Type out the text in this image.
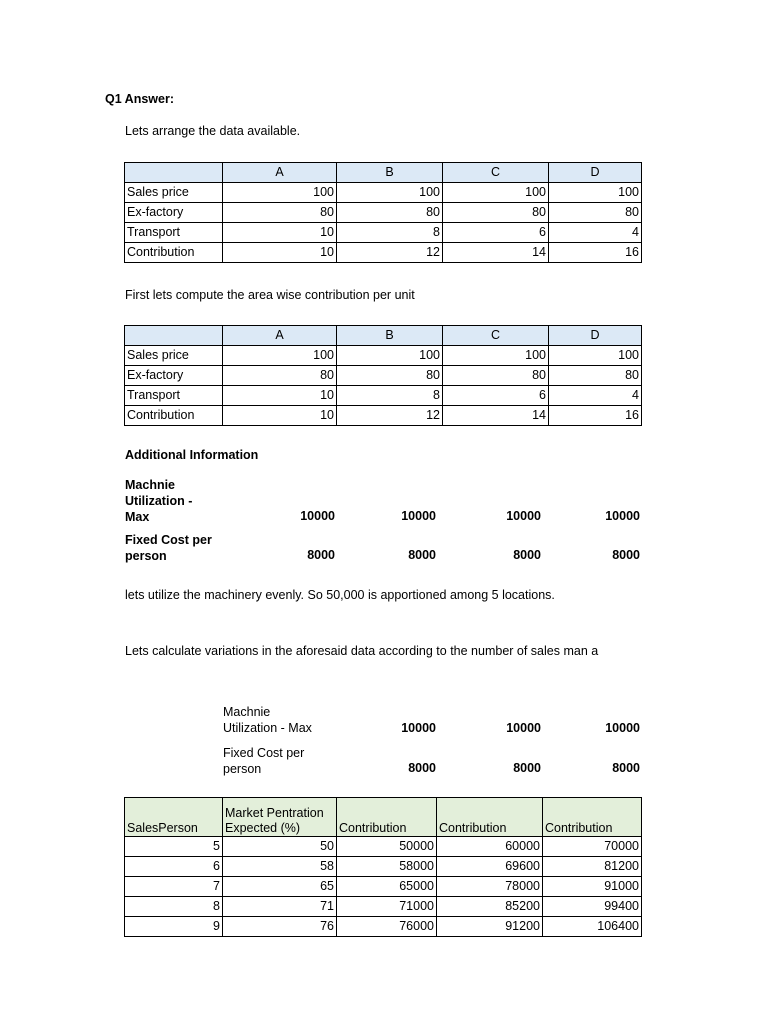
Q1 Answer:
Lets arrange the data available.
	A	B	C	D
Sales price	100	100	100	100
Ex-factory	80	80	80	80
Transport	10	8	6	4
Contribution	10	12	14	16
First lets compute the area wise contribution per unit
	A	B	C	D
Sales price	100	100	100	100
Ex-factory	80	80	80	80
Transport	10	8	6	4
Contribution	10	12	14	16
Additional Information
Machnie
Utilization -
Max	10000	10000	10000	10000
Fixed Cost per
person	8000	8000	8000	8000
lets utilize the machinery evenly. So 50,000 is apportioned among 5 locations.
Lets calculate variations in the aforesaid data according to the number of sales man a
Machnie
Utilization - Max	10000	10000	10000
Fixed Cost per
person	8000	8000	8000
SalesPerson	Market Pentration Expected (%)	Contribution	Contribution	Contribution
5	50	50000	60000	70000
6	58	58000	69600	81200
7	65	65000	78000	91000
8	71	71000	85200	99400
9	76	76000	91200	106400
